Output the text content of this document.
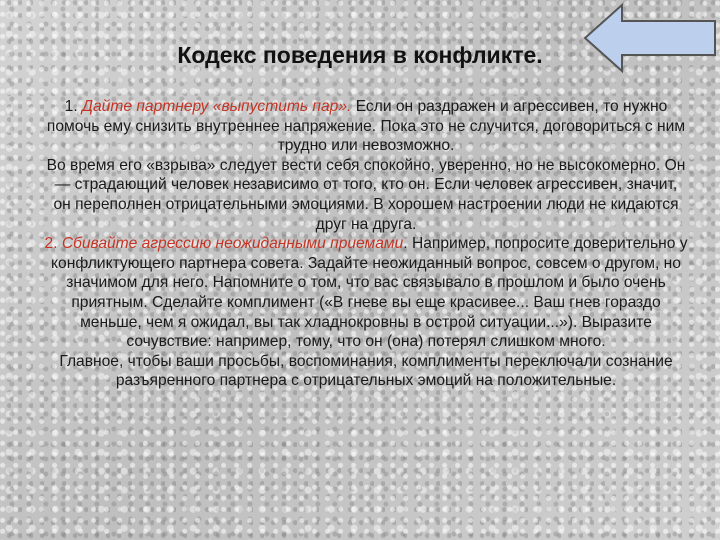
Кодекс поведения в конфликте.

1. Дайте партнеру «выпустить пар». Если он раздражен и агрессивен, то нужно помочь ему снизить внутреннее напряжение. Пока это не случится, договориться с ним трудно или невозможно.

Во время его «взрыва» следует вести себя спокойно, уверенно, но не высокомерно. Он — страдающий человек независимо от того, кто он. Если человек агрессивен, значит, он переполнен отрицательными эмоциями. В хорошем настроении люди не кидаются друг на друга.

2. Сбивайте агрессию неожиданными приемами. Например, попросите доверительно у конфликтующего партнера совета. Задайте неожиданный вопрос, совсем о другом, но значимом для него. Напомните о том, что вас связывало в прошлом и было очень приятным. Сделайте комплимент («В гневе вы еще красивее... Ваш гнев гораздо меньше, чем я ожидал, вы так хладнокровны в острой ситуации...»). Выразите сочувствие: например, тому, что он (она) потерял слишком много.

Главное, чтобы ваши просьбы, воспоминания, комплименты переключали сознание разъяренного партнера с отрицательных эмоций на положительные.
